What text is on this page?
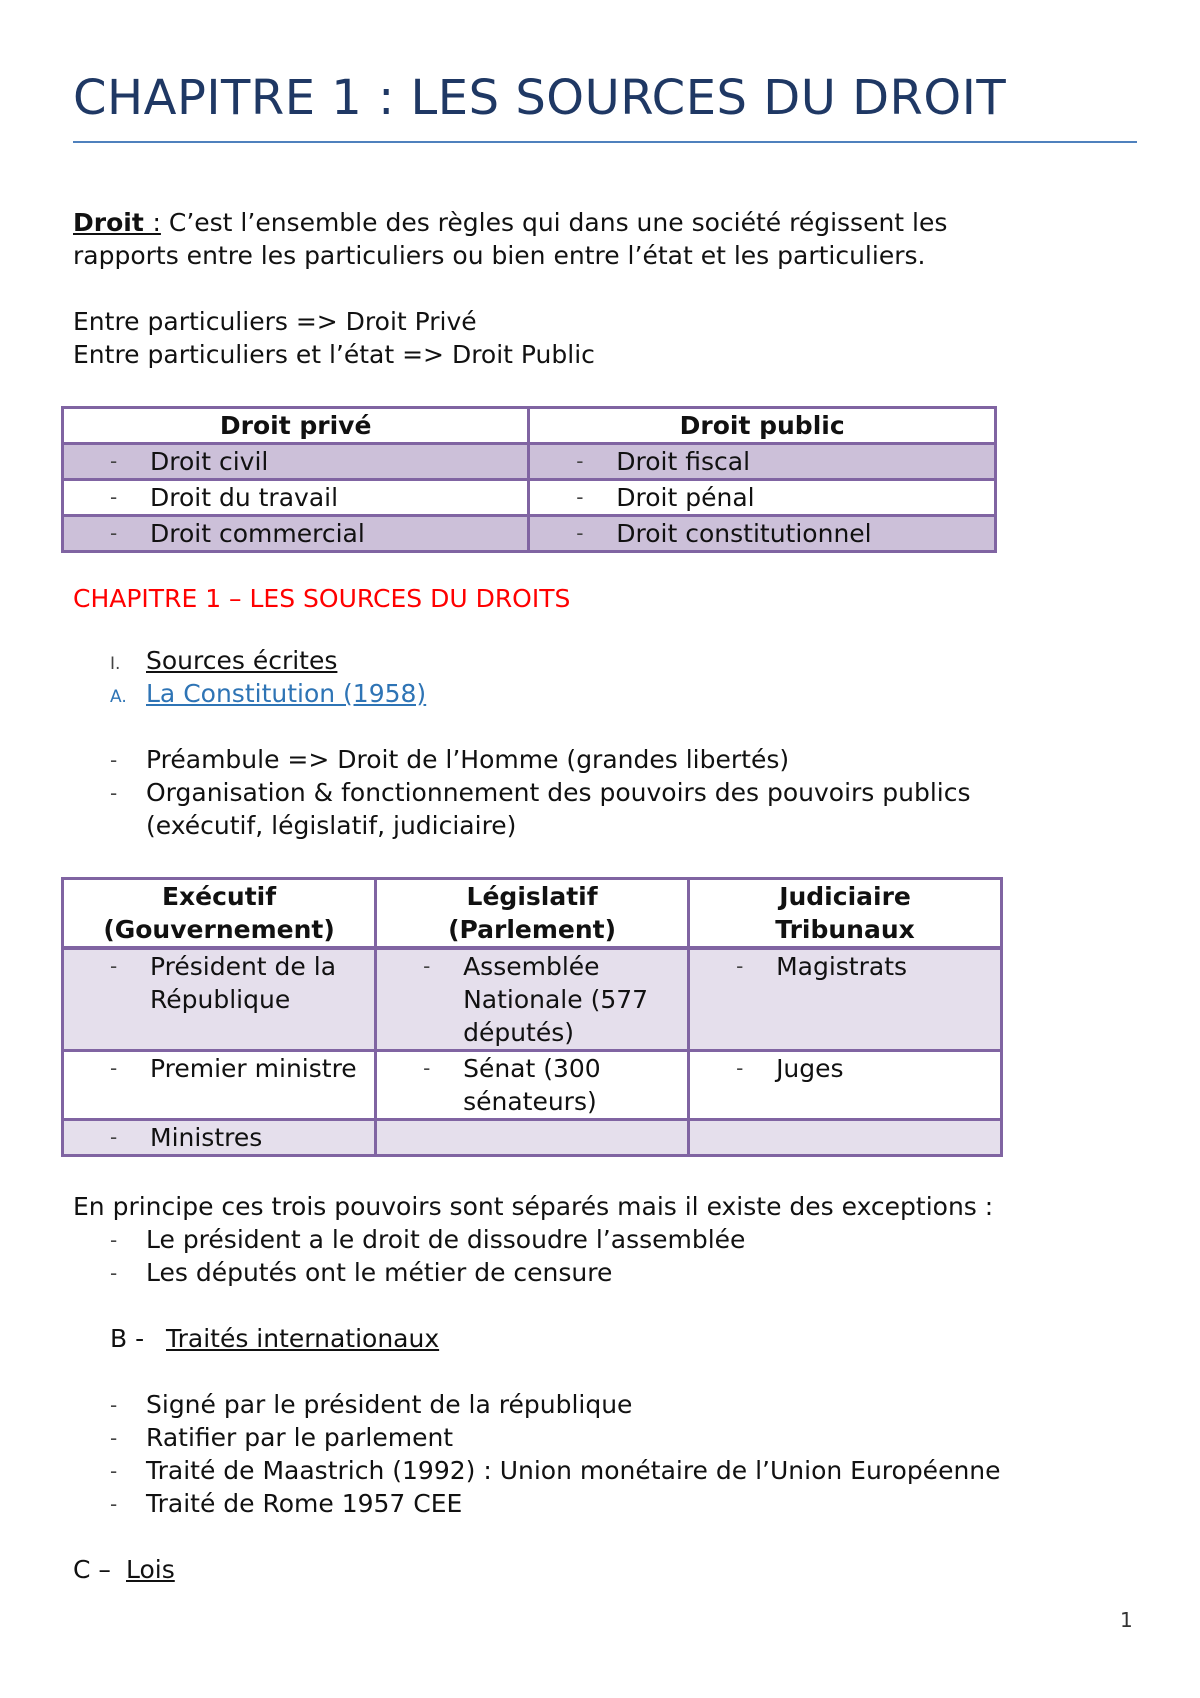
CHAPITRE 1 : LES SOURCES DU DROIT
Droit : C’est l’ensemble des règles qui dans une société régissent les
rapports entre les particuliers ou bien entre l’état et les particuliers.
Entre particuliers => Droit Privé
Entre particuliers et l’état => Droit Public
Droit privé	Droit public

- Droit civil	- Droit fiscal

- Droit du travail	- Droit pénal

- Droit commercial	- Droit constitutionnel
CHAPITRE 1 – LES SOURCES DU DROITS
I. Sources écrites
A. La Constitution (1958)
- Préambule => Droit de l’Homme (grandes libertés)
- Organisation & fonctionnement des pouvoirs des pouvoirs publics
(exécutif, législatif, judiciaire)
Exécutif
(Gouvernement)	Législatif
(Parlement)	Judiciaire
Tribunaux

- Président de la République	- Assemblée Nationale (577 députés)	- Magistrats

- Premier ministre	- Sénat (300 sénateurs)	- Juges

- Ministres		

En principe ces trois pouvoirs sont séparés mais il existe des exceptions :
- Le président a le droit de dissoudre l’assemblée
- Les députés ont le métier de censure
B - Traités internationaux
- Signé par le président de la république
- Ratifier par le parlement
- Traité de Maastrich (1992) : Union monétaire de l’Union Européenne
- Traité de Rome 1957 CEE
C – Lois
1
